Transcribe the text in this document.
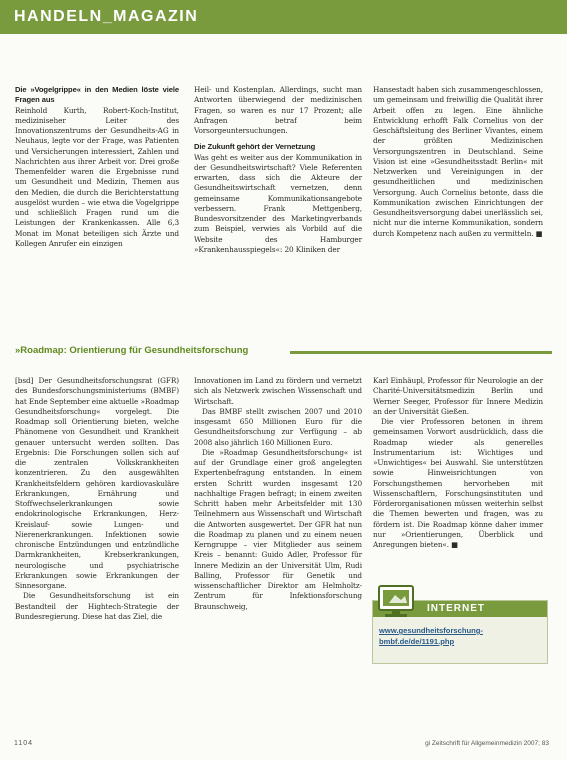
HANDELN_MAGAZIN

Die »Vogelgrippe« in den Medien löste viele Fragen aus

Reinhold Kurth, Robert-Koch-Institut, mediziniseher Leiter des Innovationszentrums der Gesundheits-AG in Neuhaus, legte vor der Frage, was Patienten und Versicherungen interessiert, Zahlen und Nachrichten aus ihrer Arbeit vor. Drei große Themenfelder waren die Ergebnisse rund um Gesundheit und Medizin, Themen aus den Medien, die durch die Berichterstattung ausgelöst wurden – wie etwa die Vogelgrippe und schließlich Fragen rund um die Leistungen der Krankenkassen. Alle 6,3 Monat im Monat beteiligen sich Ärzte und Kollegen Anrufer ein einzigen

Heil- und Kostenplan. Allerdings, sucht man Antworten überwiegend der medizinischen Fragen, so waren es nur 17 Prozent; alle Anfragen betraf beim Vorsorgeuntersuchungen.

Die Zukunft gehört der Vernetzung

Was geht es weiter aus der Kommunikation in der Gesundheitswirtschaft? Viele Referenten erwarten, dass sich die Akteure der Gesundheitswirtschaft vernetzen, denn gemeinsame Kommunikationsangebote verbessern. Frank Mettgenberg, Bundesvorsitzender des Marketingverbands zum Beispiel, verwies als Vorbild auf die Website des Hamburger »Krankenhausspiegels«: 20 Kliniken der

Hansestadt haben sich zusammengeschlossen, um gemeinsam und freiwillig die Qualität ihrer Arbeit offen zu legen. Eine ähnliche Entwicklung erhofft Falk Cornelius von der Geschäftsleitung des Berliner Vivantes, einem der größten Medizinischen Versorgungszentren in Deutschland. Seine Vision ist eine »Gesundheitsstadt Berlin« mit Netzwerken und Vereinigungen in der gesundheitlichen und medizinischen Versorgung. Auch Cornelius betonte, dass die Kommunikation zwischen Einrichtungen der Gesundheitsversorgung dabei unerlässlich sei, nicht nur die interne Kommunikation, sondern durch Kompetenz nach außen zu vermitteln. ■

»Roadmap: Orientierung für Gesundheitsforschung

[bsd] Der Gesundheitsforschungsrat (GFR) des Bundesforschungsministeriums (BMBF) hat Ende September eine aktuelle »Roadmap Gesundheitsforschung« vorgelegt. Die Roadmap soll Orientierung bieten, welche Phänomene von Gesundheit und Krankheit genauer untersucht werden sollten. Das Ergebnis: Die Forschungen sollen sich auf die zentralen Volkskrankheiten konzentrieren. Zu den ausgewählten Krankheitsfeldern gehören kardiovaskuläre Erkrankungen, Ernährung und Stoffwechselerkrankungen sowie endokrinologische Erkrankungen, Herz-Kreislauf- sowie Lungen- und Nierenerkrankungen. Infektionen sowie chronische Entzündungen und entzündliche Darmkrankheiten, Krebserkrankungen, neurologische und psychiatrische Erkrankungen sowie Erkrankungen der Sinnesorgane.

Die Gesundheitsforschung ist ein Bestandteil der Hightech-Strategie der Bundesregierung. Diese hat das Ziel, die

Innovationen im Land zu fördern und vernetzt sich als Netzwerk zwischen Wissenschaft und Wirtschaft.

Das BMBF stellt zwischen 2007 und 2010 insgesamt 650 Millionen Euro für die Gesundheitsforschung zur Verfügung – ab 2008 also jährlich 160 Millionen Euro.

Die »Roadmap Gesundheitsforschung« ist auf der Grundlage einer groß angelegten Expertenbefragung entstanden. In einem ersten Schritt wurden insgesamt 120 nachhaltige Fragen befragt; in einem zweiten Schritt haben mehr Arbeitsfelder mit 130 Teilnehmern aus Wissenschaft und Wirtschaft die Antworten ausgewertet. Der GFR hat nun die Roadmap zu planen und zu einem neuen Kerngruppe – vier Mitglieder aus seinem Kreis – benannt: Guido Adler, Professor für Innere Medizin an der Universität Ulm, Rudi Balling, Professor für Genetik und wissenschaftlicher Direktor am Helmholtz-Zentrum für Infektionsforschung Braunschweig,

Karl Einhäupl, Professor für Neurologie an der Charité-Universitätsmedizin Berlin und Werner Seeger, Professor für Innere Medizin an der Universität Gießen.

Die vier Professoren betonen in ihrem gemeinsamen Vorwort ausdrücklich, dass die Roadmap wieder als generelles Instrumentarium ist: Wichtiges und »Unwichtiges« bei Auswahl. Sie unterstützen sowie Hinweisrichtungen von Forschungsthemen hervorheben mit Wissenschaftlern, Forschungsinstituten und Förderorganisationen müssen weiterhin selbst die Themen bewerten und fragen, was zu fördern ist. Die Roadmap könne daher immer nur »Orientierungen, Überblick und Anregungen bieten«. ■

INTERNET
www.gesundheitsforschung-bmbf.de/de/1191.php
1104	gi Zeitschrift für Allgemeinmedizin 2007; 83
